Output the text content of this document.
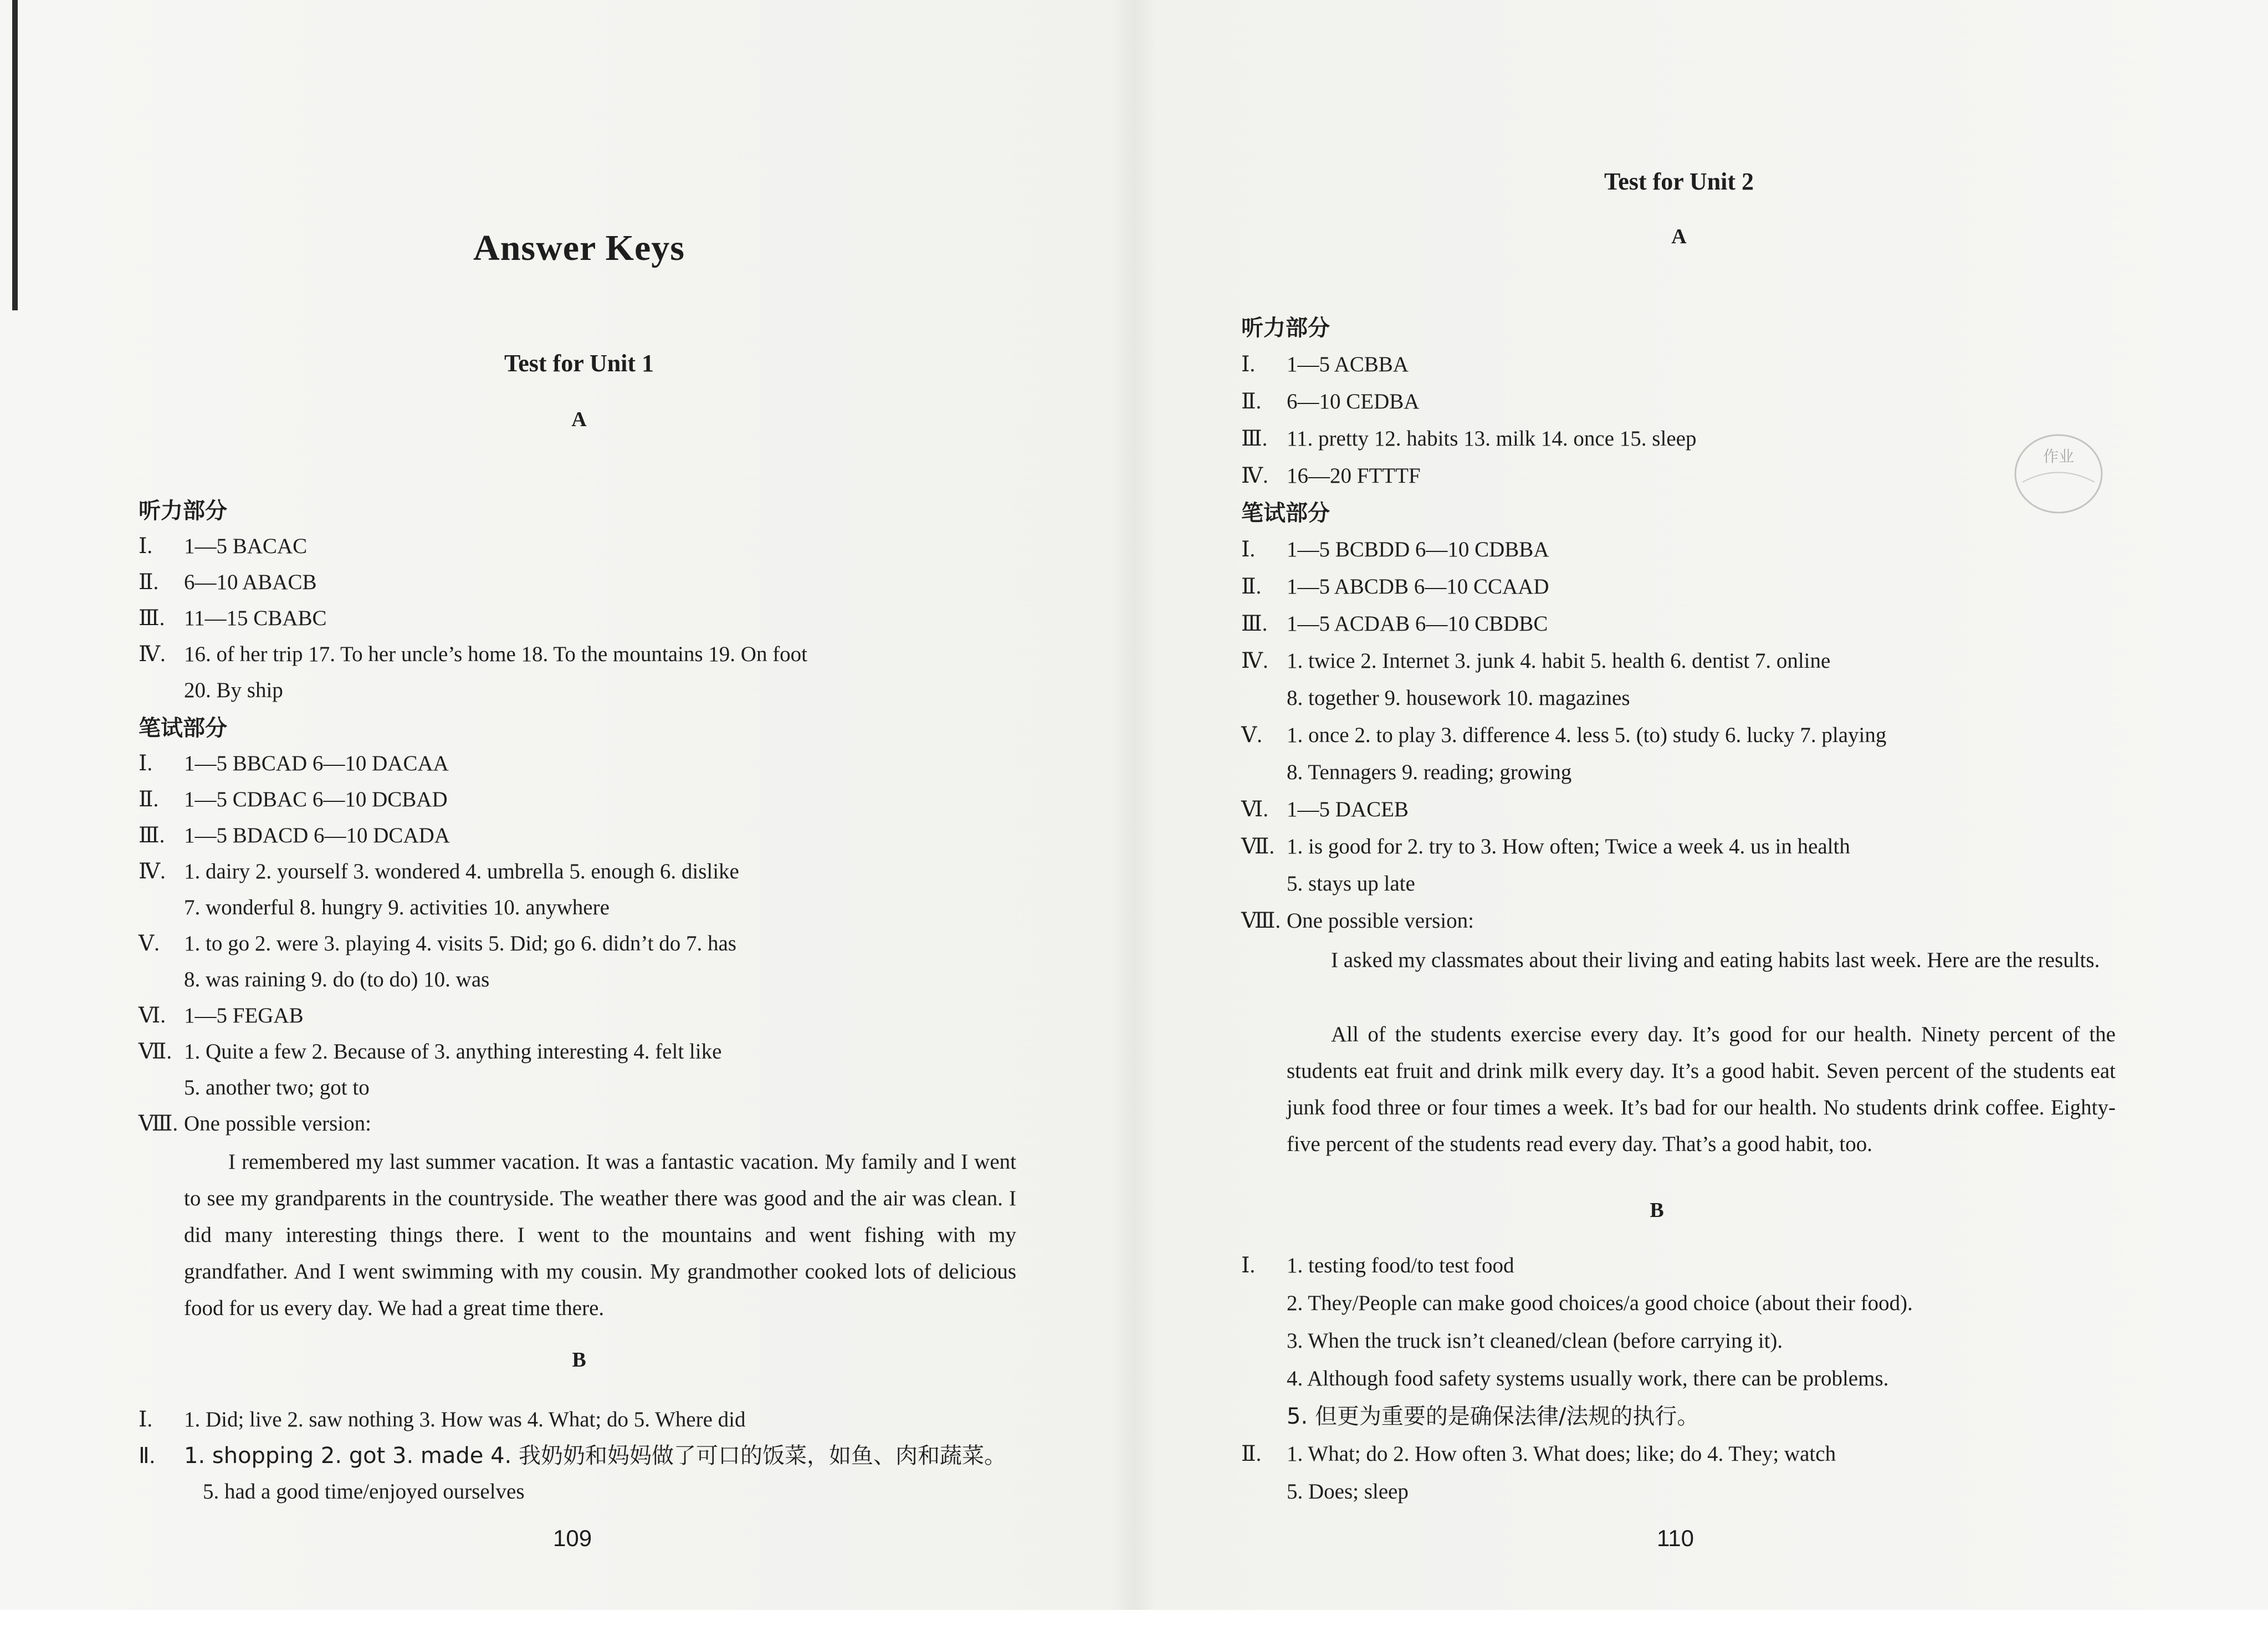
Answer Keys
Test for Unit 1
A
听力部分
Ⅰ. 1—5 BACAC
Ⅱ. 6—10 ABACB
Ⅲ. 11—15 CBABC
Ⅳ. 16. of her trip 17. To her uncle’s home 18. To the mountains 19. On foot
20. By ship
笔试部分
Ⅰ. 1—5 BBCAD 6—10 DACAA
Ⅱ. 1—5 CDBAC 6—10 DCBAD
Ⅲ. 1—5 BDACD 6—10 DCADA
Ⅳ. 1. dairy 2. yourself 3. wondered 4. umbrella 5. enough 6. dislike
7. wonderful 8. hungry 9. activities 10. anywhere
Ⅴ. 1. to go 2. were 3. playing 4. visits 5. Did; go 6. didn’t do 7. has
8. was raining 9. do (to do) 10. was
Ⅵ. 1—5 FEGAB
Ⅶ. 1. Quite a few 2. Because of 3. anything interesting 4. felt like
5. another two; got to
Ⅷ. One possible version:
I remembered my last summer vacation. It was a fantastic vacation. My family and I went to see my grandparents in the countryside. The weather there was good and the air was clean. I did many interesting things there. I went to the mountains and went fishing with my grandfather. And I went swimming with my cousin. My grandmother cooked lots of delicious food for us every day. We had a great time there.
B
Ⅰ. 1. Did; live 2. saw nothing 3. How was 4. What; do 5. Where did
Ⅱ. 1. shopping 2. got 3. made 4. 我奶奶和妈妈做了可口的饭菜，如鱼、肉和蔬菜。
5. had a good time/enjoyed ourselves
109
Test for Unit 2
A
听力部分
Ⅰ. 1—5 ACBBA
Ⅱ. 6—10 CEDBA
Ⅲ. 11. pretty 12. habits 13. milk 14. once 15. sleep
Ⅳ. 16—20 FTTTF
笔试部分
Ⅰ. 1—5 BCBDD 6—10 CDBBA
Ⅱ. 1—5 ABCDB 6—10 CCAAD
Ⅲ. 1—5 ACDAB 6—10 CBDBC
Ⅳ. 1. twice 2. Internet 3. junk 4. habit 5. health 6. dentist 7. online
8. together 9. housework 10. magazines
Ⅴ. 1. once 2. to play 3. difference 4. less 5. (to) study 6. lucky 7. playing
8. Tennagers 9. reading; growing
Ⅵ. 1—5 DACEB
Ⅶ. 1. is good for 2. try to 3. How often; Twice a week 4. us in health
5. stays up late
Ⅷ. One possible version:
I asked my classmates about their living and eating habits last week. Here are the results.
All of the students exercise every day. It’s good for our health. Ninety percent of the students eat fruit and drink milk every day. It’s a good habit. Seven percent of the students eat junk food three or four times a week. It’s bad for our health. No students drink coffee. Eighty-five percent of the students read every day. That’s a good habit, too.
B
Ⅰ. 1. testing food/to test food
2. They/People can make good choices/a good choice (about their food).
3. When the truck isn’t cleaned/clean (before carrying it).
4. Although food safety systems usually work, there can be problems.
5. 但更为重要的是确保法律/法规的执行。
Ⅱ. 1. What; do 2. How often 3. What does; like; do 4. They; watch
5. Does; sleep
110
作业
